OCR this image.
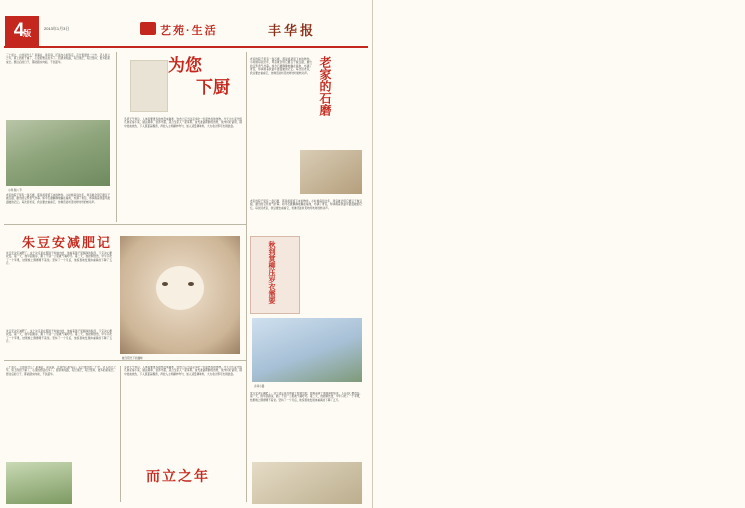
4版
2013年1月3日	艺苑·生活	丰华报
为您
下厨
冬季天气寒冷，人体需要更多的热量来御寒，饮食上应当注意多吃一些温热性的食物。今天为大家介绍几道家常小菜，做法简单，营养丰富，适合全家人一起享用。首先准备新鲜的食材，洗净切好备用，锅中放油烧热，下入葱姜蒜爆香，再放入主料翻炒均匀，加入适量调味料，大火收汁即可出锅装盘。
小寒·腊八节
老家的院子里有一盘石磨，那是祖辈留下来的物件。小时候每到过年，母亲就会用它磨豆子做豆腐，磨出的豆浆香气扑鼻。如今石磨静静地躺在墙角，布满了青苔，却承载着我童年最温暖的记忆。每次回老家，我总要去看看它，仿佛还能听见吱呀吱呀的转动声。
三十而立，立的是什么？是事业，是家庭，还是内心的笃定。走过青涩的二十岁，迈入而立之年，肩上的担子重了，心里的想法也多了。回望来时路，有过迷茫，有过坚持，更多的是成长。愿往后的日子，都能踏实向前，不负韶华。	老家的石磨
老家的院子里有一盘石磨，那是祖辈留下来的物件。小时候每到过年，母亲就会用它磨豆子做豆腐，磨出的豆浆香气扑鼻。如今石磨静静地躺在墙角，布满了青苔，却承载着我童年最温暖的记忆。每次回老家，我总要去看看它，仿佛还能听见吱呀吱呀的转动声。
老家的院子里有一盘石磨，那是祖辈留下来的物件。小时候每到过年，母亲就会用它磨豆子做豆腐，磨出的豆浆香气扑鼻。如今石磨静静地躺在墙角，布满了青苔，却承载着我童年最温暖的记忆。每次回老家，我总要去看看它，仿佛还能听见吱呀吱呀的转动声。
朱豆安减肥记
朱豆安决定减肥了。这个决定是在照镜子时做出的，他看着镜子里圆润的脸庞，下定决心要改变。第一天，他早起跑步，跑了不到一公里就气喘吁吁。第二天，他控制饮食，中午只吃了一个苹果，结果晚上饿得睡不着觉。坚持了一个月后，他惊喜地发现体重真的下降了五斤。
暖冬阳光下的猫咪
朱豆安决定减肥了。这个决定是在照镜子时做出的，他看着镜子里圆润的脸庞，下定决心要改变。第一天，他早起跑步，跑了不到一公里就气喘吁吁。第二天，他控制饮食，中午只吃了一个苹果，结果晚上饿得睡不着觉。坚持了一个月后，他惊喜地发现体重真的下降了五斤。
三十而立，立的是什么？是事业，是家庭，还是内心的笃定。走过青涩的二十岁，迈入而立之年，肩上的担子重了，心里的想法也多了。回望来时路，有过迷茫，有过坚持，更多的是成长。愿往后的日子，都能踏实向前，不负韶华。
冬季天气寒冷，人体需要更多的热量来御寒，饮食上应当注意多吃一些温热性的食物。今天为大家介绍几道家常小菜，做法简单，营养丰富，适合全家人一起享用。首先准备新鲜的食材，洗净切好备用，锅中放油烧热，下入葱姜蒜爆香，再放入主料翻炒均匀，加入适量调味料，大火收汁即可出锅装盘。
而立之年
乡间小路
朱豆安决定减肥了。这个决定是在照镜子时做出的，他看着镜子里圆润的脸庞，下定决心要改变。第一天，他早起跑步，跑了不到一公里就气喘吁吁。第二天，他控制饮食，中午只吃了一个苹果，结果晚上饿得睡不着觉。坚持了一个月后，他惊喜地发现体重真的下降了五斤。
秋到赏柳压岁衣需要
